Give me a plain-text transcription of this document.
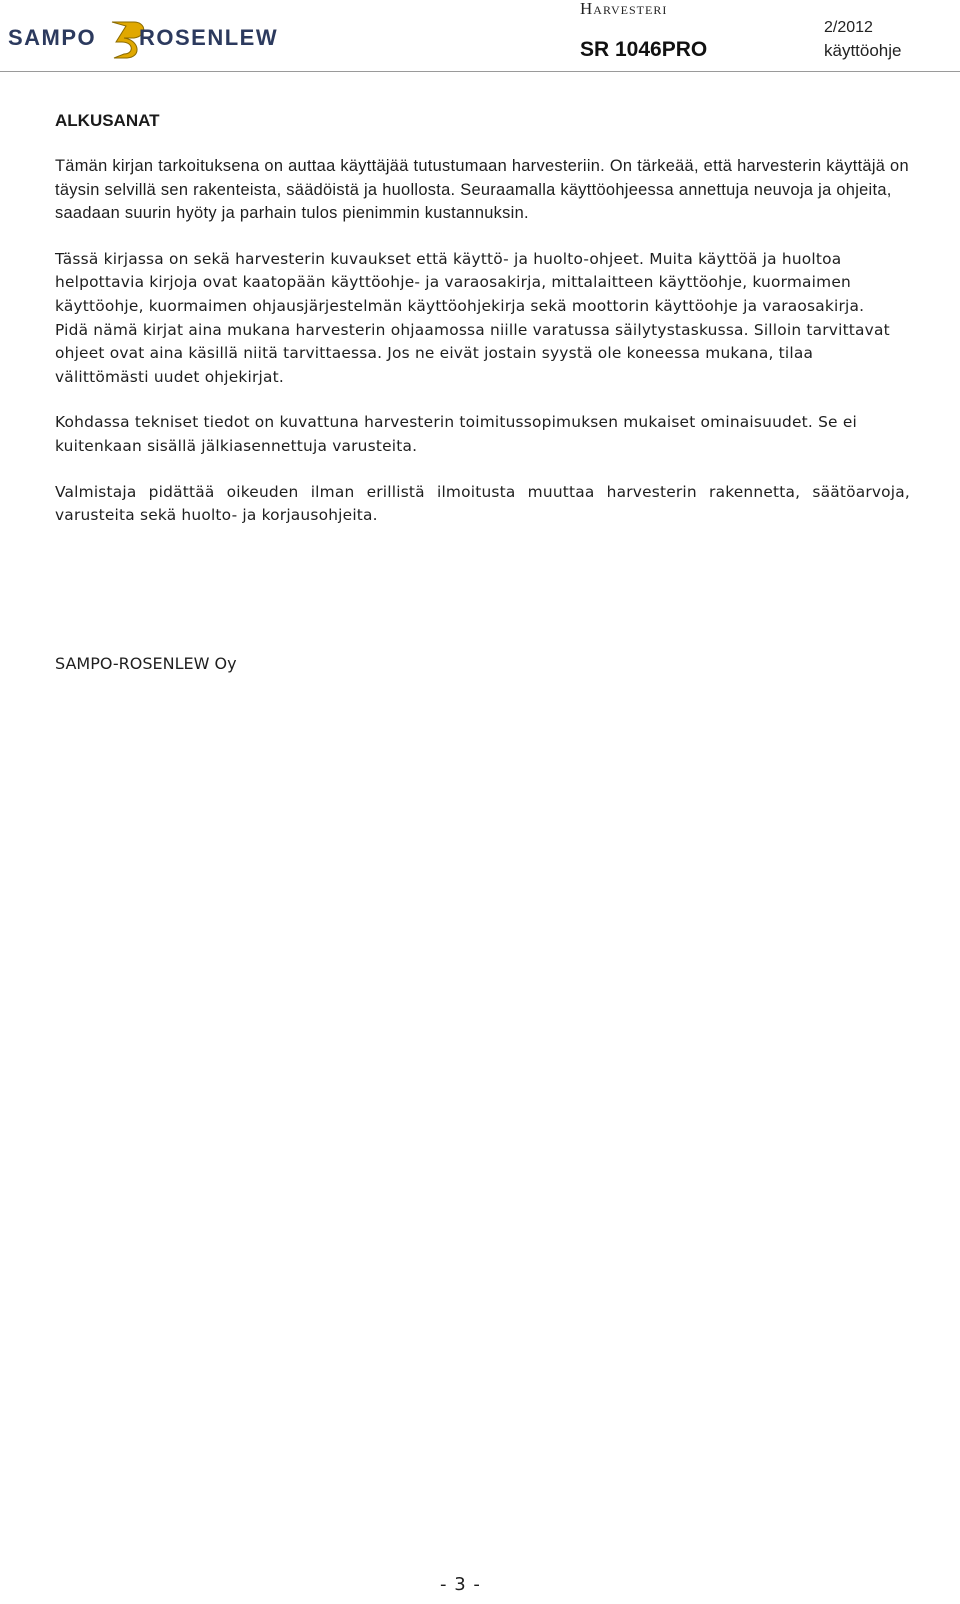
SAMPO ROSENLEW
Harvesteri
SR 1046PRO
2/2012
käyttöohje
ALKUSANAT

Tämän kirjan tarkoituksena on auttaa käyttäjää tutustumaan harvesteriin. On tärkeää, että harvesterin käyttäjä on täysin selvillä sen rakenteista, säädöistä ja huollosta. Seuraamalla käyttöohjeessa annettuja neuvoja ja ohjeita, saadaan suurin hyöty ja parhain tulos pienimmin kustannuksin.

Tässä kirjassa on sekä harvesterin kuvaukset että käyttö- ja huolto-ohjeet. Muita käyttöä ja huoltoa helpottavia kirjoja ovat kaatopään käyttöohje- ja varaosakirja, mittalaitteen käyttöohje, kuormaimen käyttöohje, kuormaimen ohjausjärjestelmän käyttöohjekirja sekä moottorin käyttöohje ja varaosakirja.

Pidä nämä kirjat aina mukana harvesterin ohjaamossa niille varatussa säilytystaskussa. Silloin tarvittavat ohjeet ovat aina käsillä niitä tarvittaessa. Jos ne eivät jostain syystä ole koneessa mukana, tilaa välittömästi uudet ohjekirjat.

Kohdassa tekniset tiedot on kuvattuna harvesterin toimitussopimuksen mukaiset ominaisuudet. Se ei kuitenkaan sisällä jälkiasennettuja varusteita.

Valmistaja pidättää oikeuden ilman erillistä ilmoitusta muuttaa harvesterin rakennetta, säätöarvoja, varusteita sekä huolto- ja korjausohjeita.

SAMPO-ROSENLEW Oy
- 3 -
